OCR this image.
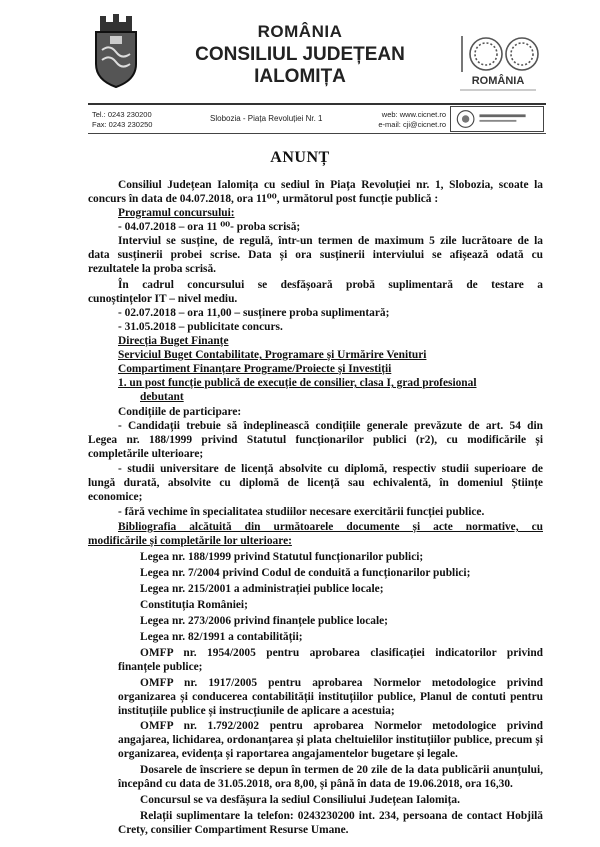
ROMÂNIA
CONSILIUL JUDEȚEAN IALOMIȚA	ROMÂNIA
Tel.: 0243 230200
Fax: 0243 230250
Slobozia - Piața Revoluției Nr. 1	web: www.cicnet.ro
e-mail: cji@cicnet.ro
ANUNȚ
Consiliul Județean Ialomița cu sediul în Piața Revoluției nr. 1, Slobozia, scoate la
concurs în data de 04.07.2018, ora 11⁰⁰, următorul post funcție publică :
Programul concursului:
- 04.07.2018 – ora 11 ⁰⁰- proba scrisă;
Interviul se susține, de regulă, într-un termen de maximum 5 zile lucrătoare de la
data susținerii probei scrise. Data și ora susținerii interviului se afișează odată cu
rezultatele la proba scrisă.
În cadrul concursului se desfășoară probă suplimentară de testare a
cunoștințelor IT – nivel mediu.
- 02.07.2018 – ora 11,00 – susținere proba suplimentară;
- 31.05.2018 – publicitate concurs.
Direcția Buget Finanțe
Serviciul Buget Contabilitate, Programare și Urmărire Venituri
Compartiment Finanțare Programe/Proiecte și Investiții
1. un post funcție publică de execuție de consilier, clasa I, grad profesional
debutant
Condițiile de participare:
- Candidații trebuie să îndeplinească condițiile generale prevăzute de art. 54 din
Legea nr. 188/1999 privind Statutul funcționarilor publici (r2), cu modificările și
completările ulterioare;
- studii universitare de licență absolvite cu diplomă, respectiv studii superioare de
lungă durată, absolvite cu diplomă de licență sau echivalentă, în domeniul Științe
economice;
- fără vechime în specialitatea studiilor necesare exercitării funcției publice.
Bibliografia alcătuită din următoarele documente și acte normative, cu
modificările și completările lor ulterioare:
Legea nr. 188/1999 privind Statutul funcționarilor publici;
Legea nr. 7/2004 privind Codul de conduită a funcționarilor publici;
Legea nr. 215/2001 a administrației publice locale;
Constituția României;
Legea nr. 273/2006 privind finanțele publice locale;
Legea nr. 82/1991 a contabilității;
OMFP nr. 1954/2005 pentru aprobarea clasificației indicatorilor privind
finanțele publice;
OMFP nr. 1917/2005 pentru aprobarea Normelor metodologice privind
organizarea și conducerea contabilității instituțiilor publice, Planul de contuti pentru
instituțiile publice și instrucțiunile de aplicare a acestuia;
OMFP nr. 1.792/2002 pentru aprobarea Normelor metodologice privind
angajarea, lichidarea, ordonanțarea și plata cheltuielilor instituțiilor publice, precum și
organizarea, evidența și raportarea angajamentelor bugetare și legale.
Dosarele de înscriere se depun în termen de 20 zile de la data publicării anunțului,
începând cu data de 31.05.2018, ora 8,00, și până în data de 19.06.2018, ora 16,30.
Concursul se va desfășura la sediul Consiliului Județean Ialomița.
Relații suplimentare la telefon: 0243230200 int. 234, persoana de contact Hobjilă
Crety, consilier Compartiment Resurse Umane.
